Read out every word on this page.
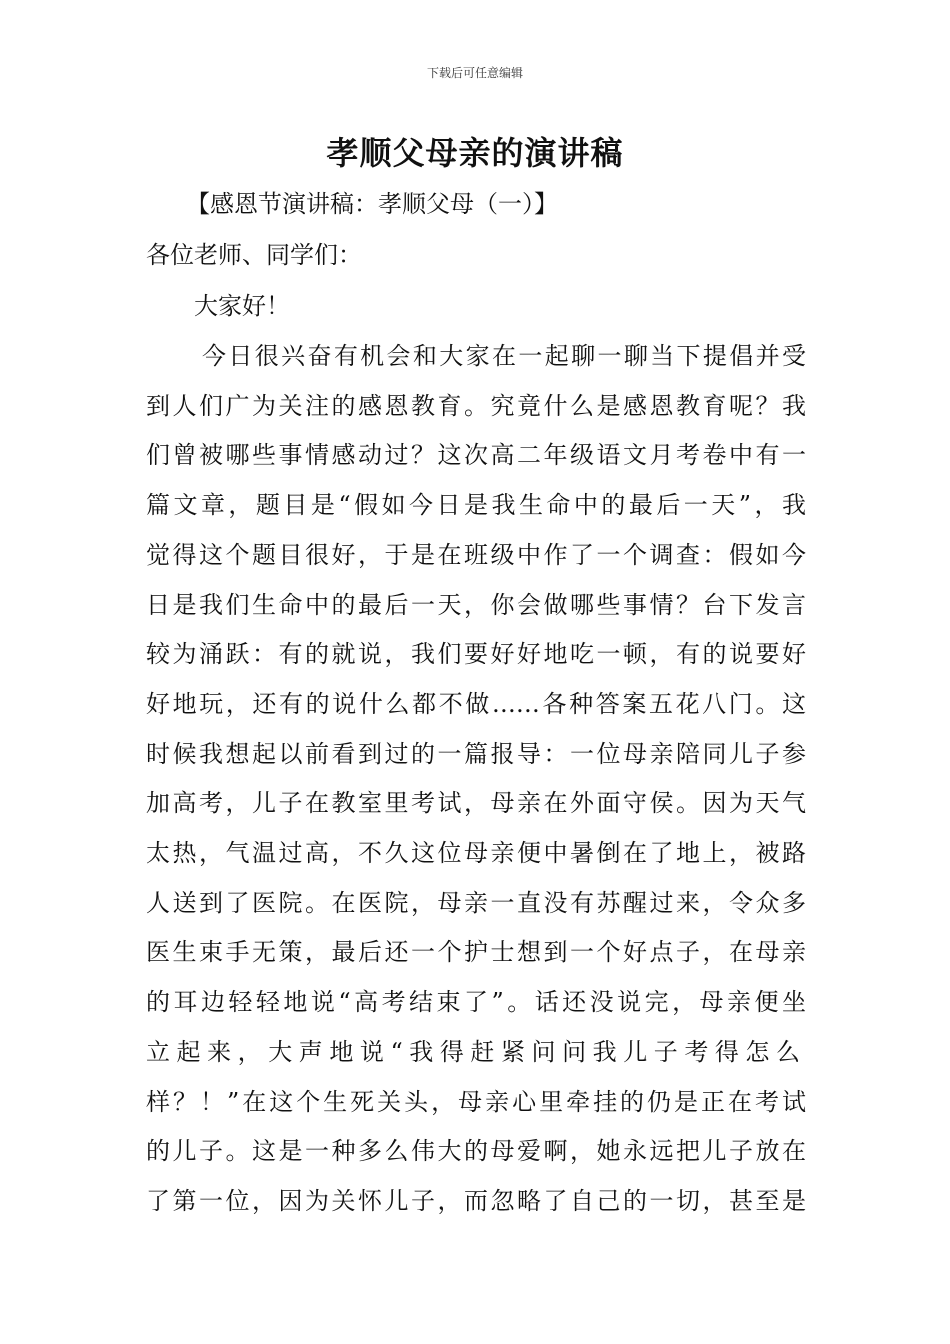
下载后可任意编辑
孝顺父母亲的演讲稿
【感恩节演讲稿：孝顺父母（一）】
各位老师、同学们：
大家好！
今日很兴奋有机会和大家在一起聊一聊当下提倡并受
到人们广为关注的感恩教育。究竟什么是感恩教育呢？我
们曾被哪些事情感动过？这次高二年级语文月考卷中有一
篇文章，题目是“假如今日是我生命中的最后一天”，我
觉得这个题目很好，于是在班级中作了一个调查：假如今
日是我们生命中的最后一天，你会做哪些事情？台下发言
较为涌跃：有的就说，我们要好好地吃一顿，有的说要好
好地玩，还有的说什么都不做……各种答案五花八门。这
时候我想起以前看到过的一篇报导：一位母亲陪同儿子参
加高考，儿子在教室里考试，母亲在外面守侯。因为天气
太热，气温过高，不久这位母亲便中暑倒在了地上，被路
人送到了医院。在医院，母亲一直没有苏醒过来，令众多
医生束手无策，最后还一个护士想到一个好点子，在母亲
的耳边轻轻地说“高考结束了”。话还没说完，母亲便坐
立起来，大声地说“我得赶紧问问我儿子考得怎么
样？！”在这个生死关头，母亲心里牵挂的仍是正在考试
的儿子。这是一种多么伟大的母爱啊，她永远把儿子放在
了第一位，因为关怀儿子，而忽略了自己的一切，甚至是
